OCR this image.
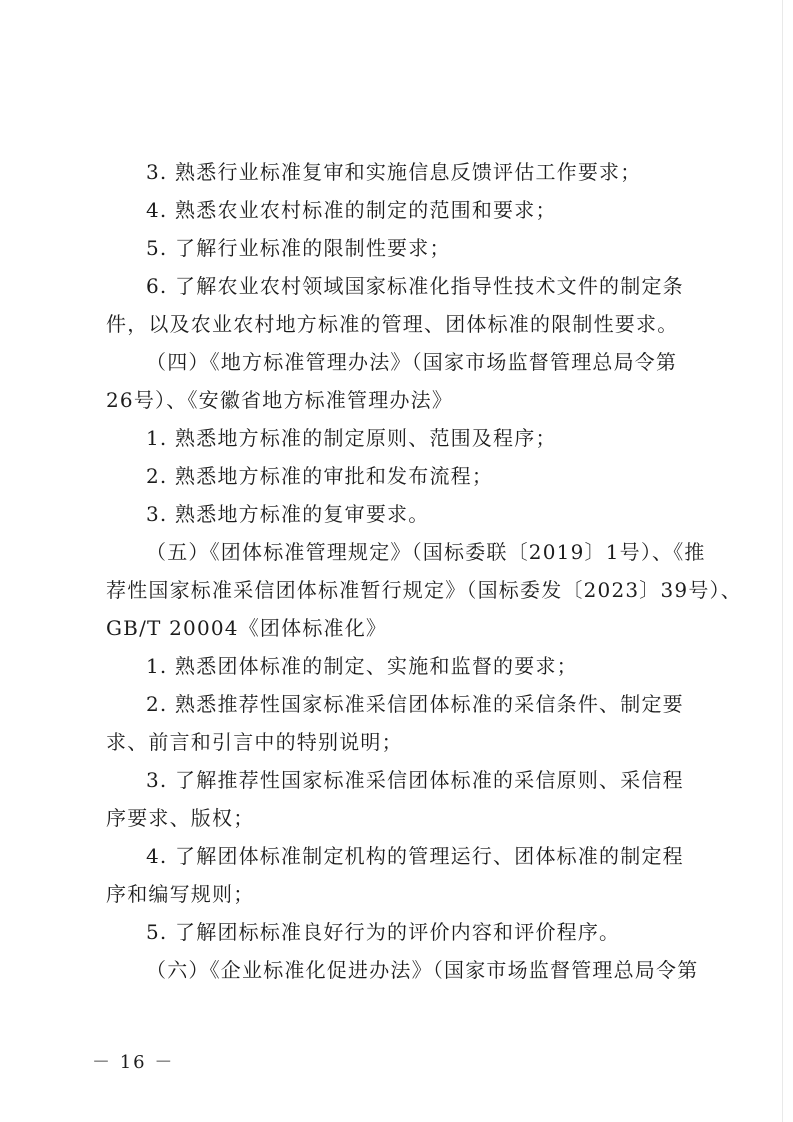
3. 熟悉行业标准复审和实施信息反馈评估工作要求；
4. 熟悉农业农村标准的制定的范围和要求；
5. 了解行业标准的限制性要求；
6. 了解农业农村领域国家标准化指导性技术文件的制定条
件，以及农业农村地方标准的管理、团体标准的限制性要求。
（四）《地方标准管理办法》（国家市场监督管理总局令第
26号）、《安徽省地方标准管理办法》
1. 熟悉地方标准的制定原则、范围及程序；
2. 熟悉地方标准的审批和发布流程；
3. 熟悉地方标准的复审要求。
（五）《团体标准管理规定》（国标委联〔2019〕1号）、《推
荐性国家标准采信团体标准暂行规定》（国标委发〔2023〕39号）、
GB/T 20004《团体标准化》
1. 熟悉团体标准的制定、实施和监督的要求；
2. 熟悉推荐性国家标准采信团体标准的采信条件、制定要
求、前言和引言中的特别说明；
3. 了解推荐性国家标准采信团体标准的采信原则、采信程
序要求、版权；
4. 了解团体标准制定机构的管理运行、团体标准的制定程
序和编写规则；
5. 了解团标标准良好行为的评价内容和评价程序。
（六）《企业标准化促进办法》（国家市场监督管理总局令第
－ 16 －
